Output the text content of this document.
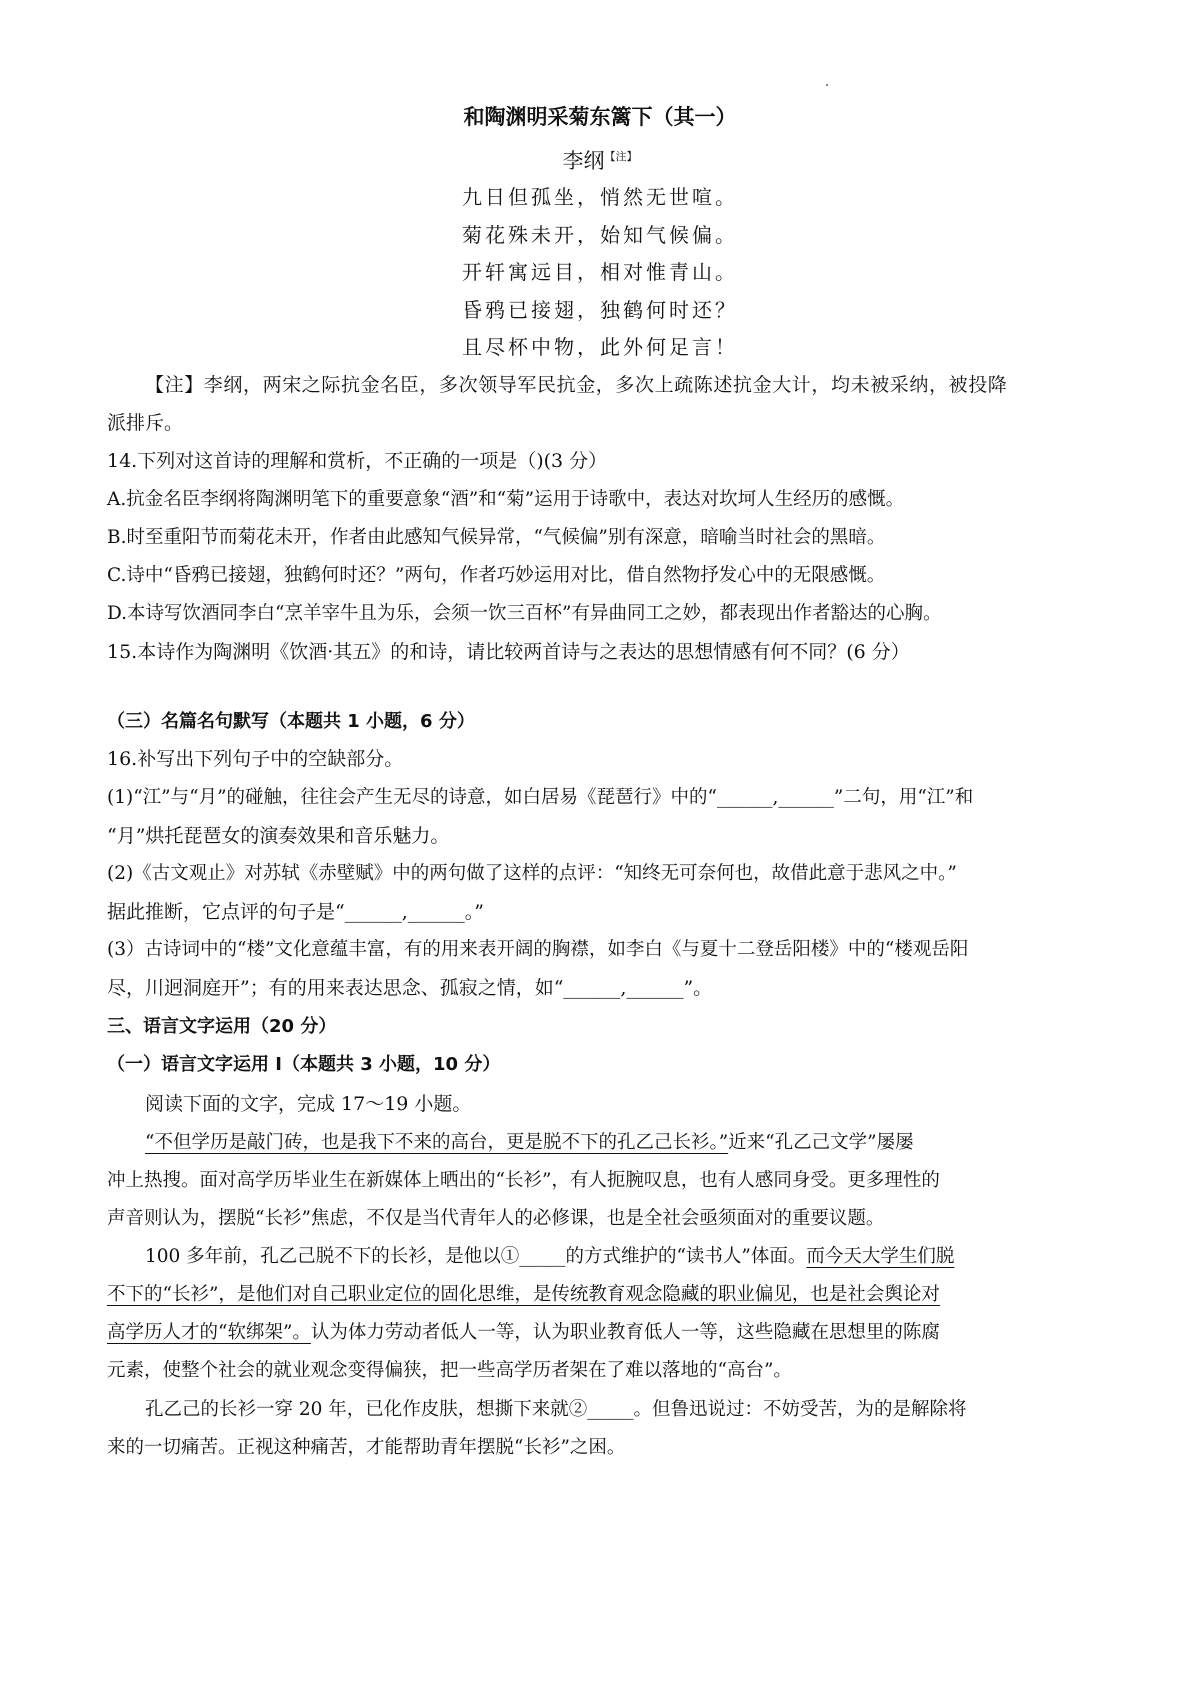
和陶渊明采菊东篱下（其一）
李纲$^{【注】}$
九日但孤坐，悄然无世喧。
菊花殊未开，始知气候偏。
开轩寓远目，相对惟青山。
昏鸦已接翅，独鹤何时还？
且尽杯中物，此外何足言！
【注】李纲，两宋之际抗金名臣，多次领导军民抗金，多次上疏陈述抗金大计，均未被采纳，被投降
派排斥。
14.下列对这首诗的理解和赏析，不正确的一项是（)(3 分）
A.抗金名臣李纲将陶渊明笔下的重要意象“酒”和“菊”运用于诗歌中，表达对坎坷人生经历的感慨。
B.时至重阳节而菊花未开，作者由此感知气候异常，“气候偏”别有深意，暗喻当时社会的黑暗。
C.诗中“昏鸦已接翅，独鹤何时还？”两句，作者巧妙运用对比，借自然物抒发心中的无限感慨。
D.本诗写饮酒同李白“烹羊宰牛且为乐，会须一饮三百杯”有异曲同工之妙，都表现出作者豁达的心胸。
15.本诗作为陶渊明《饮酒·其五》的和诗，请比较两首诗与之表达的思想情感有何不同？(6 分）
（三）名篇名句默写（本题共 1 小题，6 分）
16.补写出下列句子中的空缺部分。
(1)“江”与“月”的碰触，往往会产生无尽的诗意，如白居易《琵琶行》中的“______,______”二句，用“江”和
“月”烘托琵琶女的演奏效果和音乐魅力。
(2)《古文观止》对苏轼《赤壁赋》中的两句做了这样的点评：“知终无可奈何也，故借此意于悲风之中。”
据此推断，它点评的句子是“______,______。”
(3）古诗词中的“楼”文化意蕴丰富，有的用来表开阔的胸襟，如李白《与夏十二登岳阳楼》中的“楼观岳阳
尽，川迥洞庭开”；有的用来表达思念、孤寂之情，如“______,______”。
三、语言文字运用（20 分）
（一）语言文字运用 Ⅰ（本题共 3 小题，10 分）
阅读下面的文字，完成 17～19 小题。
“不但学历是敲门砖，也是我下不来的高台，更是脱不下的孔乙己长衫。”近来“孔乙己文学”屡屡
冲上热搜。面对高学历毕业生在新媒体上晒出的“长衫”，有人扼腕叹息，也有人感同身受。更多理性的
声音则认为，摆脱“长衫”焦虑，不仅是当代青年人的必修课，也是全社会亟须面对的重要议题。
100 多年前，孔乙己脱不下的长衫，是他以①_____的方式维护的“读书人”体面。而今天大学生们脱
不下的“长衫”，是他们对自己职业定位的固化思维，是传统教育观念隐藏的职业偏见，也是社会舆论对
高学历人才的“软绑架”。认为体力劳动者低人一等，认为职业教育低人一等，这些隐藏在思想里的陈腐
元素，使整个社会的就业观念变得偏狭，把一些高学历者架在了难以落地的“高台”。
孔乙己的长衫一穿 20 年，已化作皮肤，想撕下来就②_____。但鲁迅说过：不妨受苦，为的是解除将
来的一切痛苦。正视这种痛苦，才能帮助青年摆脱“长衫”之困。
